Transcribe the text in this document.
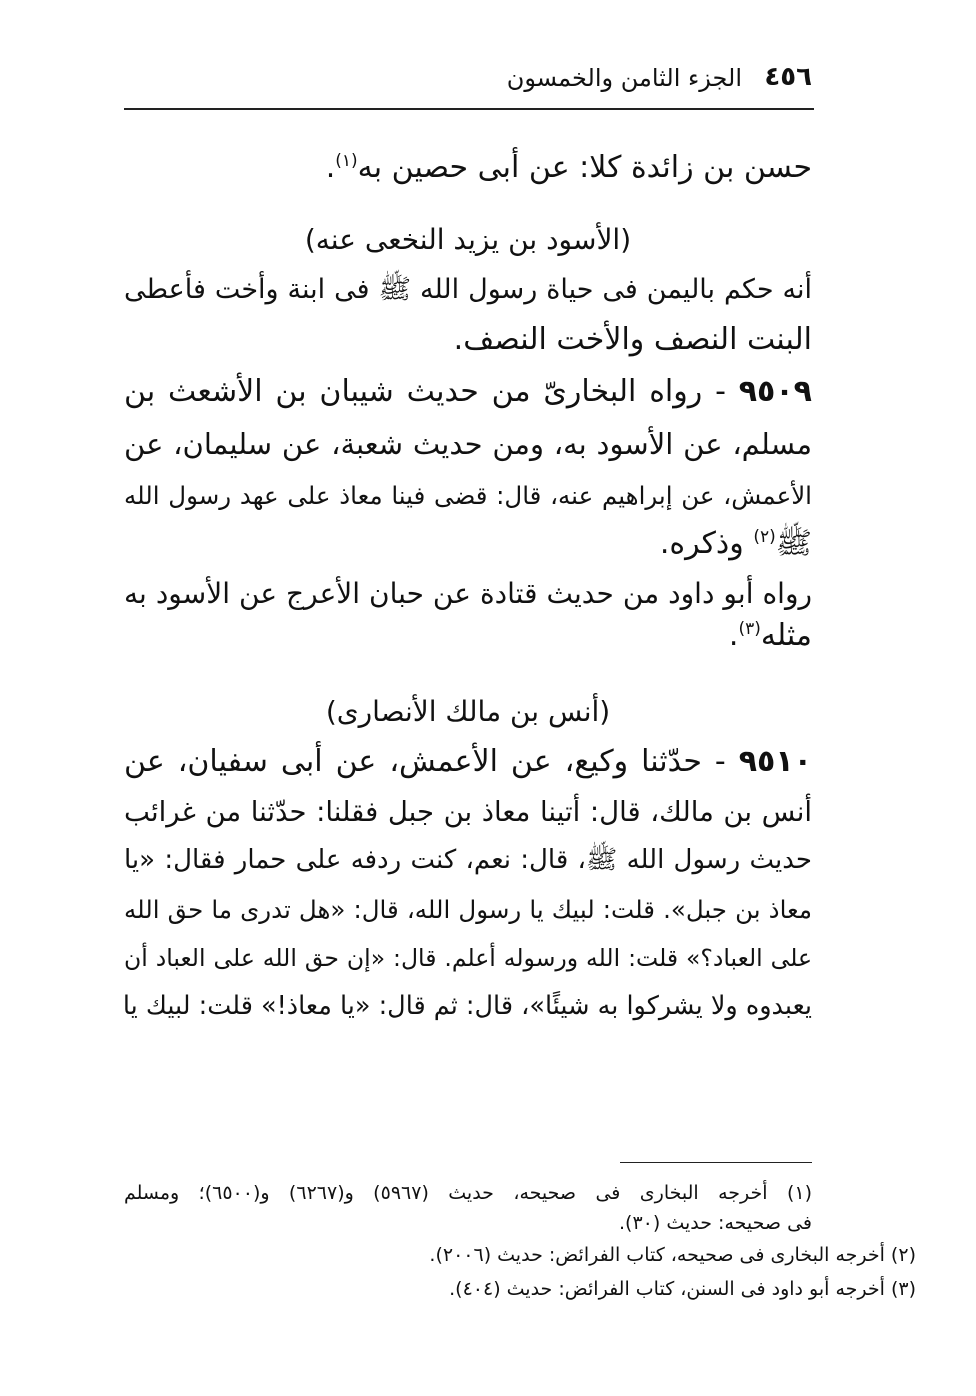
٤٥٦
الجزء الثامن والخمسون
حسن بن زائدة كلا: عن أبى حصين به$^{(١)}$.
(الأسود بن يزيد النخعى عنه)
أنه حكم باليمن فى حياة رسول الله ﷺ فى ابنة وأخت فأعطى
البنت النصف والأخت النصف.
٩٥٠٩ - رواه البخارىّ من حديث شيبان بن الأشعث بن
مسلم، عن الأسود به، ومن حديث شعبة، عن سليمان، عن
الأعمش، عن إبراهيم عنه، قال: قضى فينا معاذ على عهد رسول الله
ﷺ$^{(٢)}$ وذكره.
رواه أبو داود من حديث قتادة عن حبان الأعرج عن الأسود به
مثله$^{(٣)}$.
(أنس بن مالك الأنصارى)
٩٥١٠ - حدّثنا وكيع، عن الأعمش، عن أبى سفيان، عن
أنس بن مالك، قال: أتينا معاذ بن جبل فقلنا: حدّثنا من غرائب
حديث رسول الله ﷺ، قال: نعم، كنت ردفه على حمار فقال: «يا
معاذ بن جبل». قلت: لبيك يا رسول الله، قال: «هل تدرى ما حق الله
على العباد؟» قلت: الله ورسوله أعلم. قال: «إن حق الله على العباد أن
يعبدوه ولا يشركوا به شيئًا»، قال: ثم قال: «يا معاذ!» قلت: لبيك يا
(١) أخرجه البخارى فى صحيحه، حديث (٥٩٦٧) و(٦٢٦٧) و(٦٥٠٠)؛ ومسلم
فى صحيحه: حديث (٣٠).
(٢) أخرجه البخارى فى صحيحه، كتاب الفرائض: حديث (٢٠٠٦).
(٣) أخرجه أبو داود فى السنن، كتاب الفرائض: حديث (٤٠٤).
